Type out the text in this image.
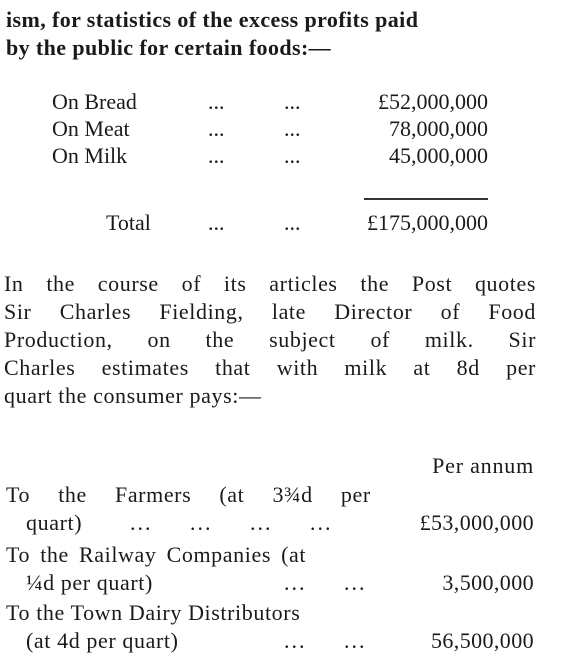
ism, for statistics of the excess profits paid
by the public for certain foods:—
On Bread	...	...	£52,000,000
On Meat	...	...	78,000,000
On Milk	...	...	45,000,000
Total	...	...	£175,000,000
In the course of its articles the Post quotes
Sir Charles Fielding, late Director of Food
Production, on the subject of milk. Sir
Charles estimates that with milk at 8d per
quart the consumer pays:—
Per annum
To the Farmers (at 3¾d per
quart) ... ... ... ...	£53,000,000
To the Railway Companies (at
¼d per quart)	... ...	3,500,000
To the Town Dairy Distributors
(at 4d per quart)	... ...	56,500,000
